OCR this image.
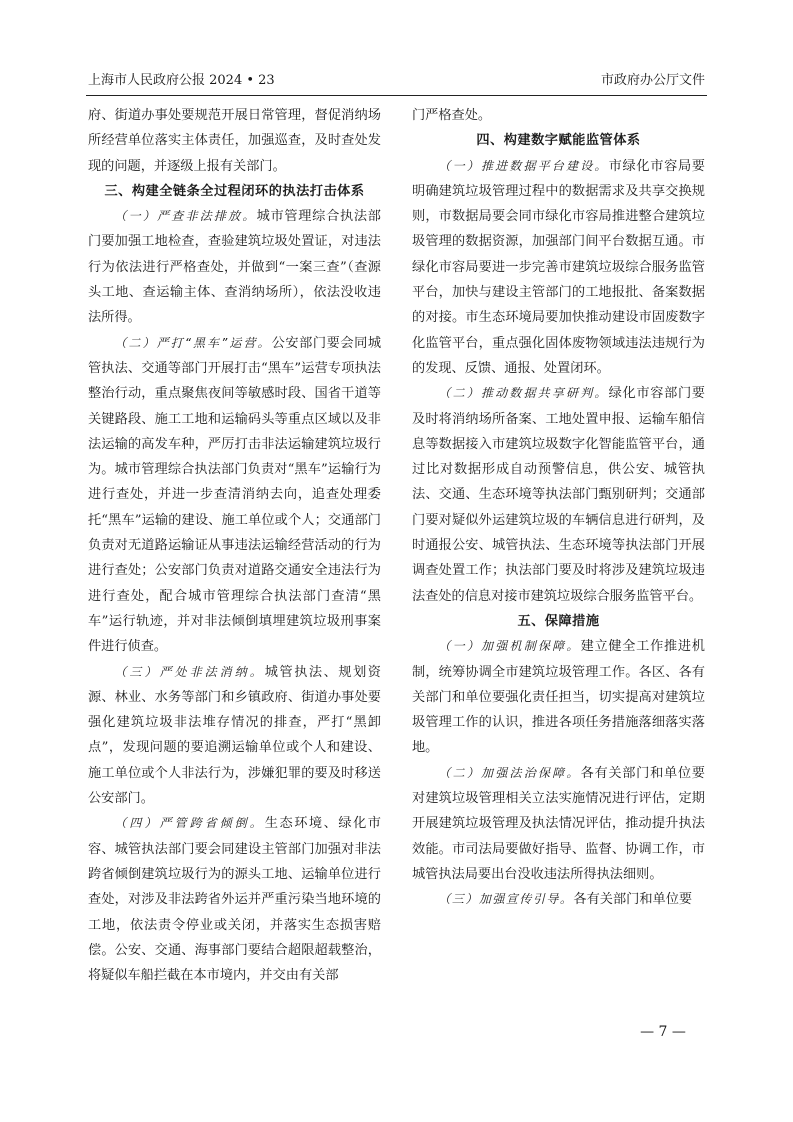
上海市人民政府公报 2024 • 23	市政府办公厅文件

府、街道办事处要规范开展日常管理，督促消纳场所经营单位落实主体责任，加强巡查，及时查处发现的问题，并逐级上报有关部门。

三、构建全链条全过程闭环的执法打击体系

（一）严查非法排放。城市管理综合执法部门要加强工地检查，查验建筑垃圾处置证，对违法行为依法进行严格查处，并做到“一案三查”（查源头工地、查运输主体、查消纳场所），依法没收违法所得。

（二）严打“黑车”运营。公安部门要会同城管执法、交通等部门开展打击“黑车”运营专项执法整治行动，重点聚焦夜间等敏感时段、国省干道等关键路段、施工工地和运输码头等重点区域以及非法运输的高发车种，严厉打击非法运输建筑垃圾行为。城市管理综合执法部门负责对“黑车”运输行为进行查处，并进一步查清消纳去向，追查处理委托“黑车”运输的建设、施工单位或个人；交通部门负责对无道路运输证从事违法运输经营活动的行为进行查处；公安部门负责对道路交通安全违法行为进行查处，配合城市管理综合执法部门查清“黑车”运行轨迹，并对非法倾倒填埋建筑垃圾刑事案件进行侦查。

（三）严处非法消纳。城管执法、规划资源、林业、水务等部门和乡镇政府、街道办事处要强化建筑垃圾非法堆存情况的排查，严打“黑卸点”，发现问题的要追溯运输单位或个人和建设、施工单位或个人非法行为，涉嫌犯罪的要及时移送公安部门。

（四）严管跨省倾倒。生态环境、绿化市容、城管执法部门要会同建设主管部门加强对非法跨省倾倒建筑垃圾行为的源头工地、运输单位进行查处，对涉及非法跨省外运并严重污染当地环境的工地，依法责令停业或关闭，并落实生态损害赔偿。公安、交通、海事部门要结合超限超载整治，将疑似车船拦截在本市境内，并交由有关部

门严格查处。

四、构建数字赋能监管体系

（一）推进数据平台建设。市绿化市容局要明确建筑垃圾管理过程中的数据需求及共享交换规则，市数据局要会同市绿化市容局推进整合建筑垃圾管理的数据资源，加强部门间平台数据互通。市绿化市容局要进一步完善市建筑垃圾综合服务监管平台，加快与建设主管部门的工地报批、备案数据的对接。市生态环境局要加快推动建设市固废数字化监管平台，重点强化固体废物领域违法违规行为的发现、反馈、通报、处置闭环。

（二）推动数据共享研判。绿化市容部门要及时将消纳场所备案、工地处置申报、运输车船信息等数据接入市建筑垃圾数字化智能监管平台，通过比对数据形成自动预警信息，供公安、城管执法、交通、生态环境等执法部门甄别研判；交通部门要对疑似外运建筑垃圾的车辆信息进行研判，及时通报公安、城管执法、生态环境等执法部门开展调查处置工作；执法部门要及时将涉及建筑垃圾违法查处的信息对接市建筑垃圾综合服务监管平台。

五、保障措施

（一）加强机制保障。建立健全工作推进机制，统筹协调全市建筑垃圾管理工作。各区、各有关部门和单位要强化责任担当，切实提高对建筑垃圾管理工作的认识，推进各项任务措施落细落实落地。

（二）加强法治保障。各有关部门和单位要对建筑垃圾管理相关立法实施情况进行评估，定期开展建筑垃圾管理及执法情况评估，推动提升执法效能。市司法局要做好指导、监督、协调工作，市城管执法局要出台没收违法所得执法细则。

（三）加强宣传引导。各有关部门和单位要

— 7 —
